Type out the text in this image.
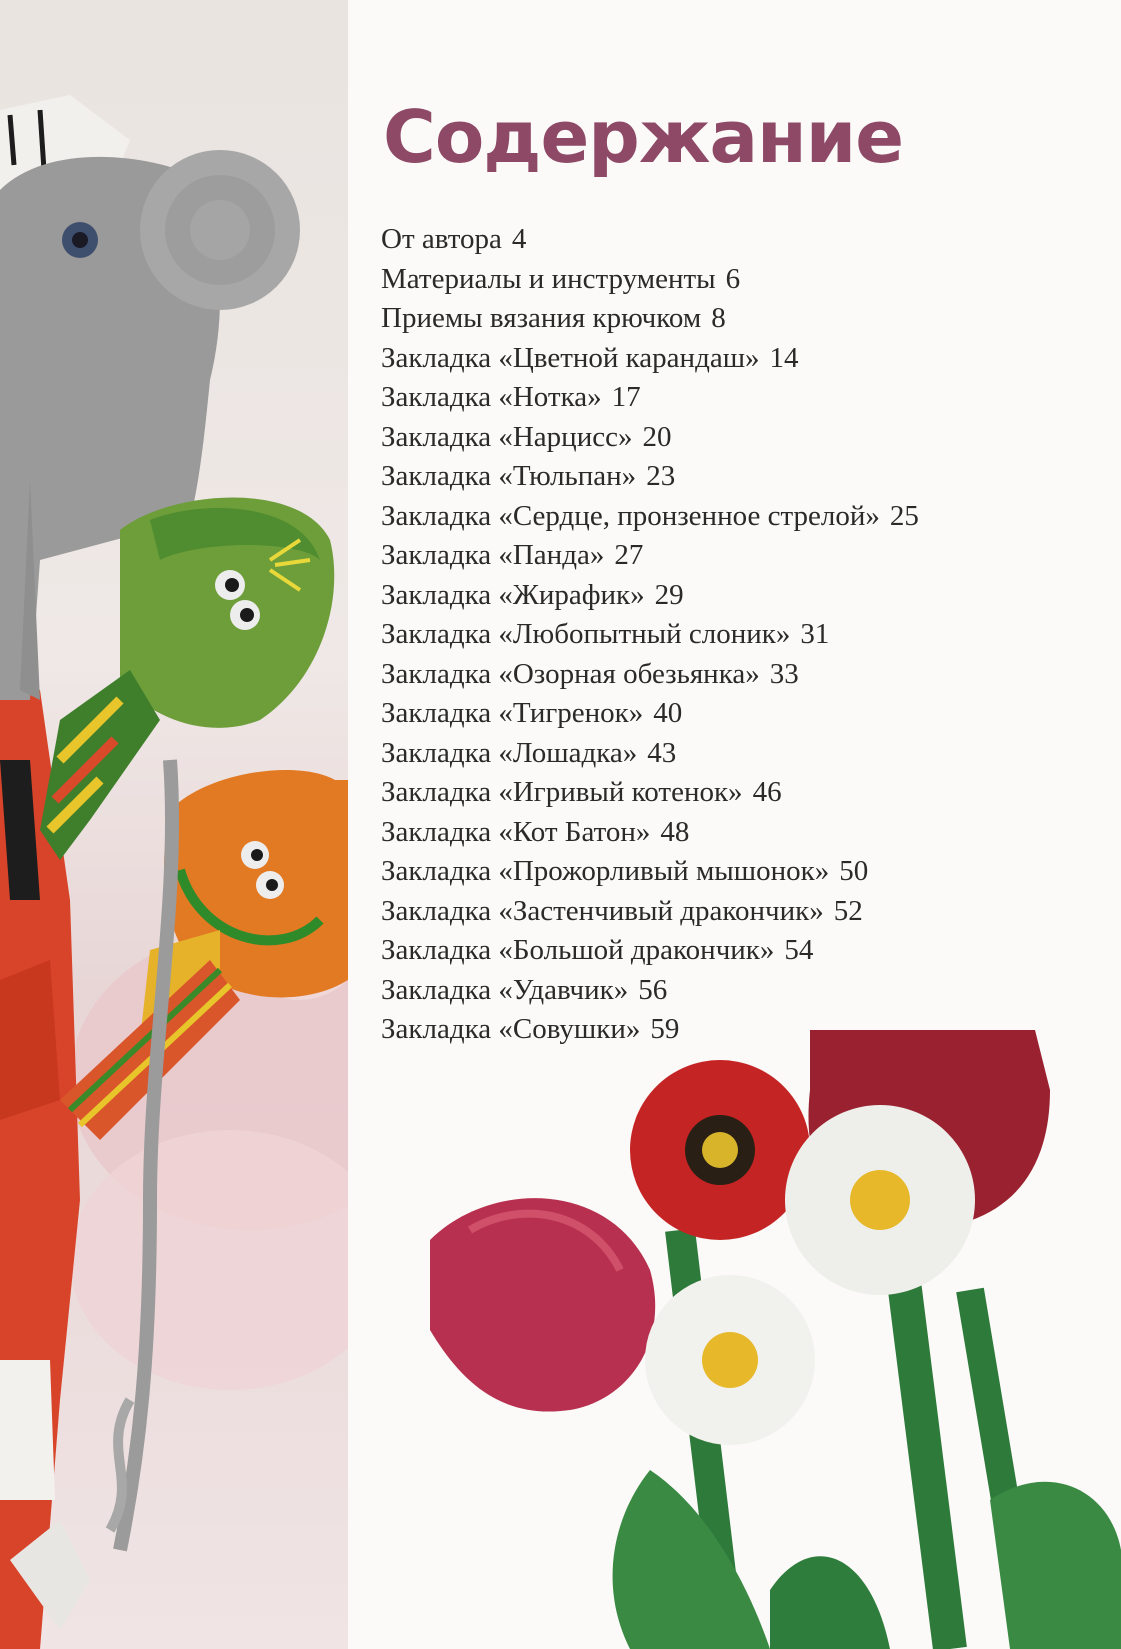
Содержание
От автора 4
Материалы и инструменты 6
Приемы вязания крючком 8
Закладка «Цветной карандаш» 14
Закладка «Нотка» 17
Закладка «Нарцисс» 20
Закладка «Тюльпан» 23
Закладка «Сердце, пронзенное стрелой» 25
Закладка «Панда» 27
Закладка «Жирафик» 29
Закладка «Любопытный слоник» 31
Закладка «Озорная обезьянка» 33
Закладка «Тигренок» 40
Закладка «Лошадка» 43
Закладка «Игривый котенок» 46
Закладка «Кот Батон» 48
Закладка «Прожорливый мышонок» 50
Закладка «Застенчивый дракончик» 52
Закладка «Большой дракончик» 54
Закладка «Удавчик» 56
Закладка «Совушки» 59
